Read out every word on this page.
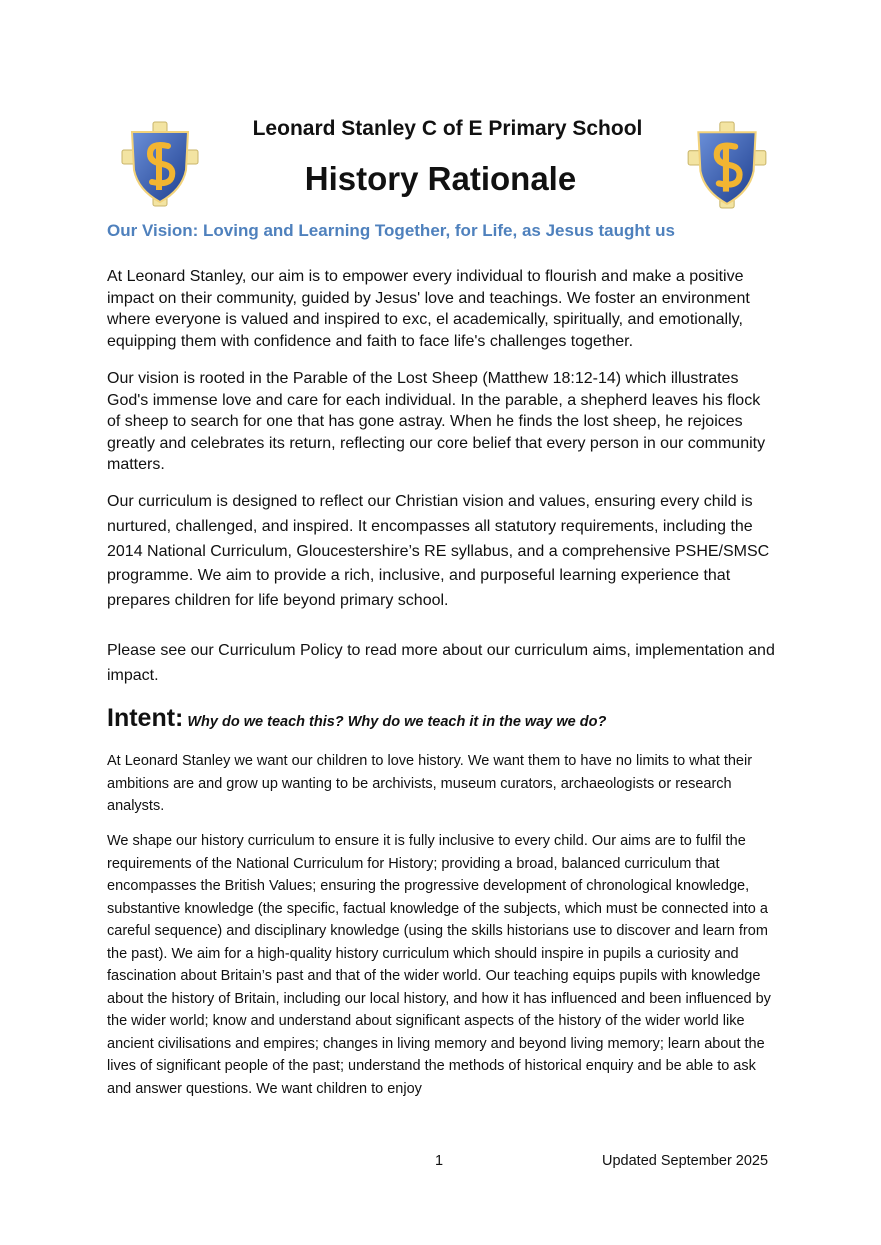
Leonard Stanley C of E Primary School
History Rationale
Our Vision: Loving and Learning Together, for Life, as Jesus taught us

At Leonard Stanley, our aim is to empower every individual to flourish and make a positive impact on their community, guided by Jesus' love and teachings. We foster an environment where everyone is valued and inspired to exc, el academically, spiritually, and emotionally, equipping them with confidence and faith to face life's challenges together.

Our vision is rooted in the Parable of the Lost Sheep (Matthew 18:12-14) which illustrates God's immense love and care for each individual. In the parable, a shepherd leaves his flock of sheep to search for one that has gone astray. When he finds the lost sheep, he rejoices greatly and celebrates its return, reflecting our core belief that every person in our community matters.

Our curriculum is designed to reflect our Christian vision and values, ensuring every child is nurtured, challenged, and inspired. It encompasses all statutory requirements, including the 2014 National Curriculum, Gloucestershire’s RE syllabus, and a comprehensive PSHE/SMSC programme. We aim to provide a rich, inclusive, and purposeful learning experience that prepares children for life beyond primary school.

Please see our Curriculum Policy to read more about our curriculum aims, implementation and impact.

Intent: Why do we teach this? Why do we teach it in the way we do?

At Leonard Stanley we want our children to love history. We want them to have no limits to what their ambitions are and grow up wanting to be archivists, museum curators, archaeologists or research analysts.

We shape our history curriculum to ensure it is fully inclusive to every child. Our aims are to fulfil the requirements of the National Curriculum for History; providing a broad, balanced curriculum that encompasses the British Values; ensuring the progressive development of chronological knowledge, substantive knowledge (the specific, factual knowledge of the subjects, which must be connected into a careful sequence) and disciplinary knowledge (using the skills historians use to discover and learn from the past). We aim for a high-quality history curriculum which should inspire in pupils a curiosity and fascination about Britain’s past and that of the wider world. Our teaching equips pupils with knowledge about the history of Britain, including our local history, and how it has influenced and been influenced by the wider world; know and understand about significant aspects of the history of the wider world like ancient civilisations and empires; changes in living memory and beyond living memory; learn about the lives of significant people of the past; understand the methods of historical enquiry and be able to ask and answer questions. We want children to enjoy

1	Updated September 2025
